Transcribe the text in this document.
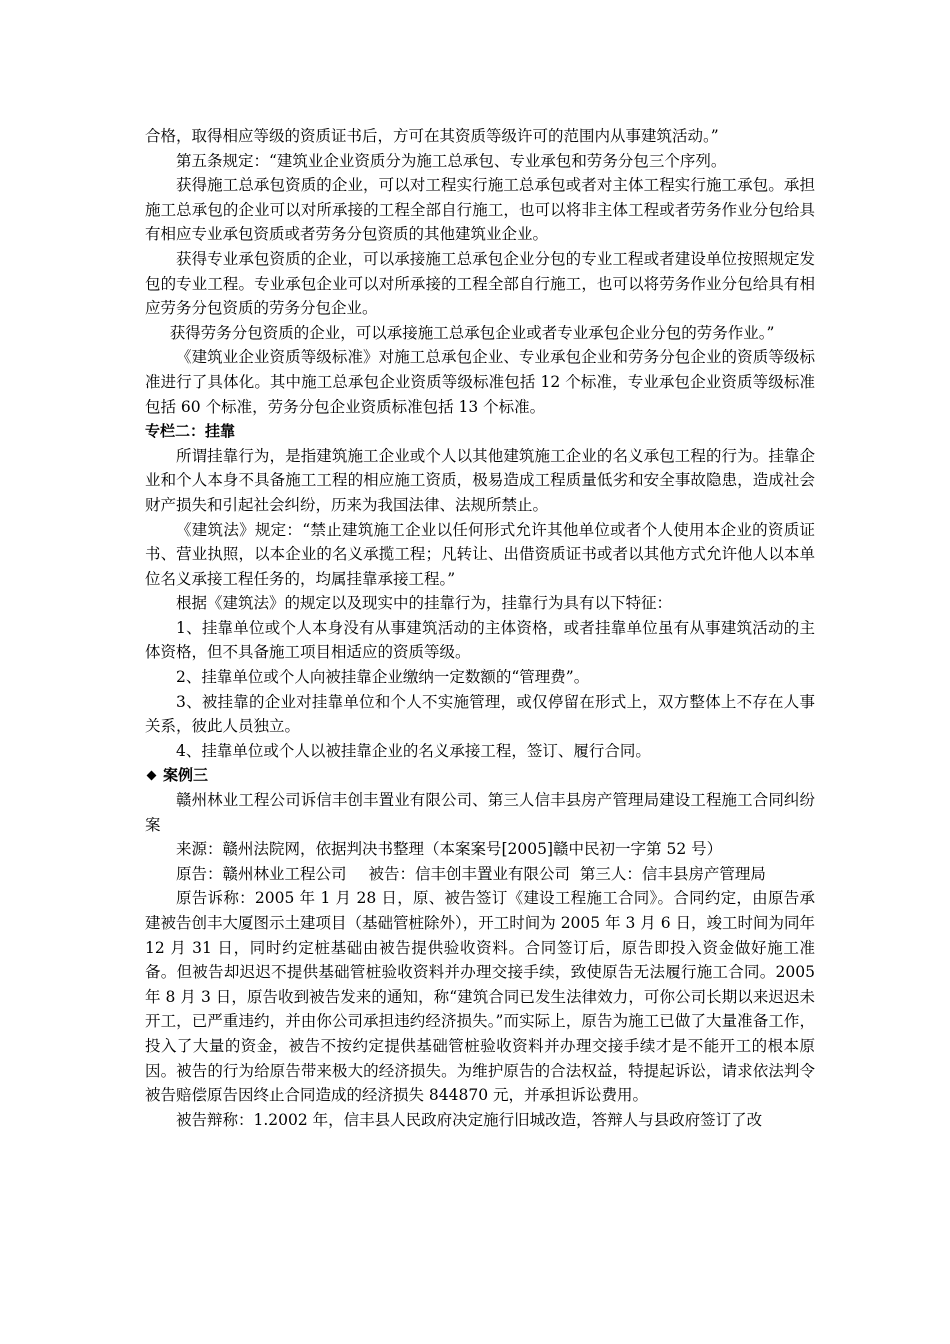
合格，取得相应等级的资质证书后，方可在其资质等级许可的范围内从事建筑活动。”

第五条规定：“建筑业企业资质分为施工总承包、专业承包和劳务分包三个序列。

获得施工总承包资质的企业，可以对工程实行施工总承包或者对主体工程实行施工承包。承担施工总承包的企业可以对所承接的工程全部自行施工，也可以将非主体工程或者劳务作业分包给具有相应专业承包资质或者劳务分包资质的其他建筑业企业。

获得专业承包资质的企业，可以承接施工总承包企业分包的专业工程或者建设单位按照规定发包的专业工程。专业承包企业可以对所承接的工程全部自行施工，也可以将劳务作业分包给具有相应劳务分包资质的劳务分包企业。

获得劳务分包资质的企业，可以承接施工总承包企业或者专业承包企业分包的劳务作业。”

《建筑业企业资质等级标准》对施工总承包企业、专业承包企业和劳务分包企业的资质等级标准进行了具体化。其中施工总承包企业资质等级标准包括 12 个标准，专业承包企业资质等级标准包括 60 个标准，劳务分包企业资质标准包括 13 个标准。

专栏二：挂靠

所谓挂靠行为，是指建筑施工企业或个人以其他建筑施工企业的名义承包工程的行为。挂靠企业和个人本身不具备施工工程的相应施工资质，极易造成工程质量低劣和安全事故隐患，造成社会财产损失和引起社会纠纷，历来为我国法律、法规所禁止。

《建筑法》规定：“禁止建筑施工企业以任何形式允许其他单位或者个人使用本企业的资质证书、营业执照，以本企业的名义承揽工程；凡转让、出借资质证书或者以其他方式允许他人以本单位名义承接工程任务的，均属挂靠承接工程。”

根据《建筑法》的规定以及现实中的挂靠行为，挂靠行为具有以下特征：

1、挂靠单位或个人本身没有从事建筑活动的主体资格，或者挂靠单位虽有从事建筑活动的主体资格，但不具备施工项目相适应的资质等级。

2、挂靠单位或个人向被挂靠企业缴纳一定数额的“管理费”。

3、被挂靠的企业对挂靠单位和个人不实施管理，或仅停留在形式上，双方整体上不存在人事关系，彼此人员独立。

4、挂靠单位或个人以被挂靠企业的名义承接工程，签订、履行合同。

案例三

赣州林业工程公司诉信丰创丰置业有限公司、第三人信丰县房产管理局建设工程施工合同纠纷案

来源：赣州法院网，依据判决书整理（本案案号[2005]赣中民初一字第 52 号）

原告：赣州林业工程公司 被告：信丰创丰置业有限公司 第三人：信丰县房产管理局

原告诉称：2005 年 1 月 28 日，原、被告签订《建设工程施工合同》。合同约定，由原告承建被告创丰大厦图示土建项目（基础管桩除外），开工时间为 2005 年 3 月 6 日，竣工时间为同年 12 月 31 日，同时约定桩基础由被告提供验收资料。合同签订后，原告即投入资金做好施工准备。但被告却迟迟不提供基础管桩验收资料并办理交接手续，致使原告无法履行施工合同。2005 年 8 月 3 日，原告收到被告发来的通知，称“建筑合同已发生法律效力，可你公司长期以来迟迟未开工，已严重违约，并由你公司承担违约经济损失。”而实际上，原告为施工已做了大量准备工作，投入了大量的资金，被告不按约定提供基础管桩验收资料并办理交接手续才是不能开工的根本原因。被告的行为给原告带来极大的经济损失。为维护原告的合法权益，特提起诉讼，请求依法判令被告赔偿原告因终止合同造成的经济损失 844870 元，并承担诉讼费用。

被告辩称：1.2002 年，信丰县人民政府决定施行旧城改造，答辩人与县政府签订了改
